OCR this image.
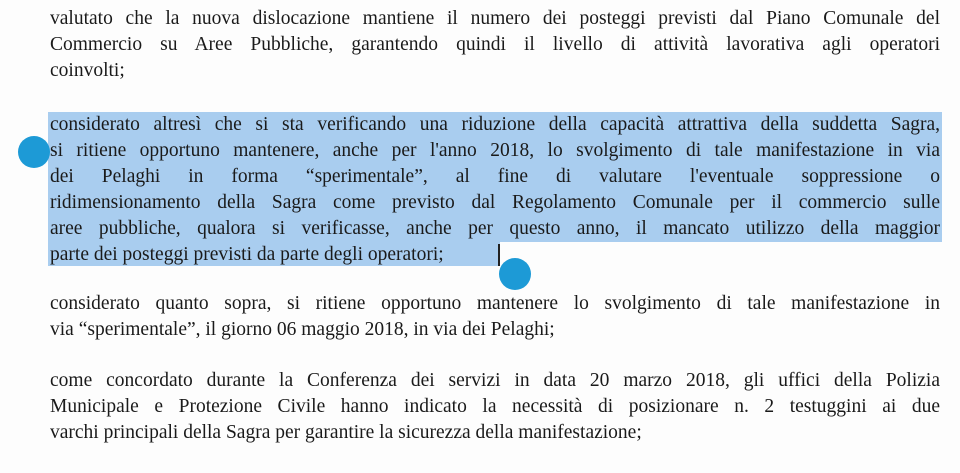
valutato che la nuova dislocazione mantiene il numero dei posteggi previsti dal Piano Comunale del
Commercio su Aree Pubbliche, garantendo quindi il livello di attività lavorativa agli operatori
coinvolti;
considerato altresì che si sta verificando una riduzione della capacità attrattiva della suddetta Sagra,
si ritiene opportuno mantenere, anche per l'anno 2018, lo svolgimento di tale manifestazione in via
dei Pelaghi in forma “sperimentale”, al fine di valutare l'eventuale soppressione o
ridimensionamento della Sagra come previsto dal Regolamento Comunale per il commercio sulle
aree pubbliche, qualora si verificasse, anche per questo anno, il mancato utilizzo della maggior
parte dei posteggi previsti da parte degli operatori;
considerato quanto sopra, si ritiene opportuno mantenere lo svolgimento di tale manifestazione in
via “sperimentale”, il giorno 06 maggio 2018, in via dei Pelaghi;
come concordato durante la Conferenza dei servizi in data 20 marzo 2018, gli uffici della Polizia
Municipale e Protezione Civile hanno indicato la necessità di posizionare n. 2 testuggini ai due
varchi principali della Sagra per garantire la sicurezza della manifestazione;
